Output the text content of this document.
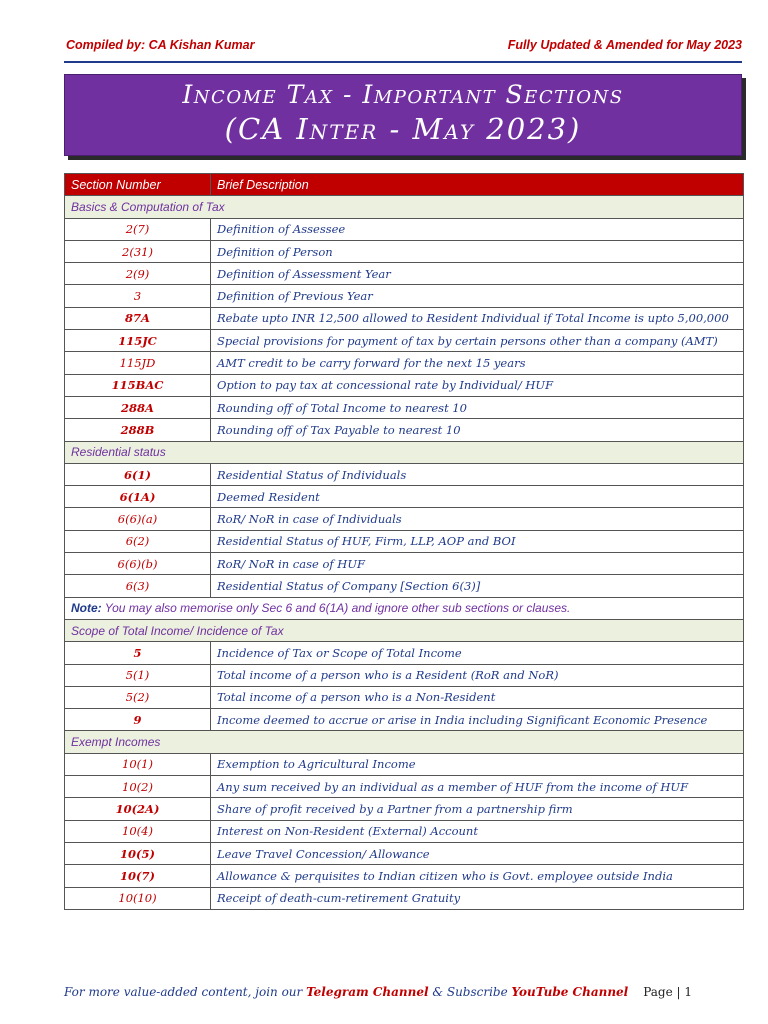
Compiled by: CA Kishan Kumar	Fully Updated & Amended for May 2023
Income Tax - Important Sections
(CA Inter - May 2023)
Section Number	Brief Description
Basics & Computation of Tax	
2(7)	Definition of Assessee
2(31)	Definition of Person
2(9)	Definition of Assessment Year
3	Definition of Previous Year
87A	Rebate upto INR 12,500 allowed to Resident Individual if Total Income is upto 5,00,000
115JC	Special provisions for payment of tax by certain persons other than a company (AMT)
115JD	AMT credit to be carry forward for the next 15 years
115BAC	Option to pay tax at concessional rate by Individual/ HUF
288A	Rounding off of Total Income to nearest 10
288B	Rounding off of Tax Payable to nearest 10
Residential status	
6(1)	Residential Status of Individuals
6(1A)	Deemed Resident
6(6)(a)	RoR/ NoR in case of Individuals
6(2)	Residential Status of HUF, Firm, LLP, AOP and BOI
6(6)(b)	RoR/ NoR in case of HUF
6(3)	Residential Status of Company [Section 6(3)]
Note: You may also memorise only Sec 6 and 6(1A) and ignore other sub sections or clauses.	
Scope of Total Income/ Incidence of Tax	
5	Incidence of Tax or Scope of Total Income
5(1)	Total income of a person who is a Resident (RoR and NoR)
5(2)	Total income of a person who is a Non-Resident
9	Income deemed to accrue or arise in India including Significant Economic Presence
Exempt Incomes	
10(1)	Exemption to Agricultural Income
10(2)	Any sum received by an individual as a member of HUF from the income of HUF
10(2A)	Share of profit received by a Partner from a partnership firm
10(4)	Interest on Non-Resident (External) Account
10(5)	Leave Travel Concession/ Allowance
10(7)	Allowance & perquisites to Indian citizen who is Govt. employee outside India
10(10)	Receipt of death-cum-retirement Gratuity
For more value-added content, join our Telegram Channel & Subscribe YouTube Channel Page | 1
